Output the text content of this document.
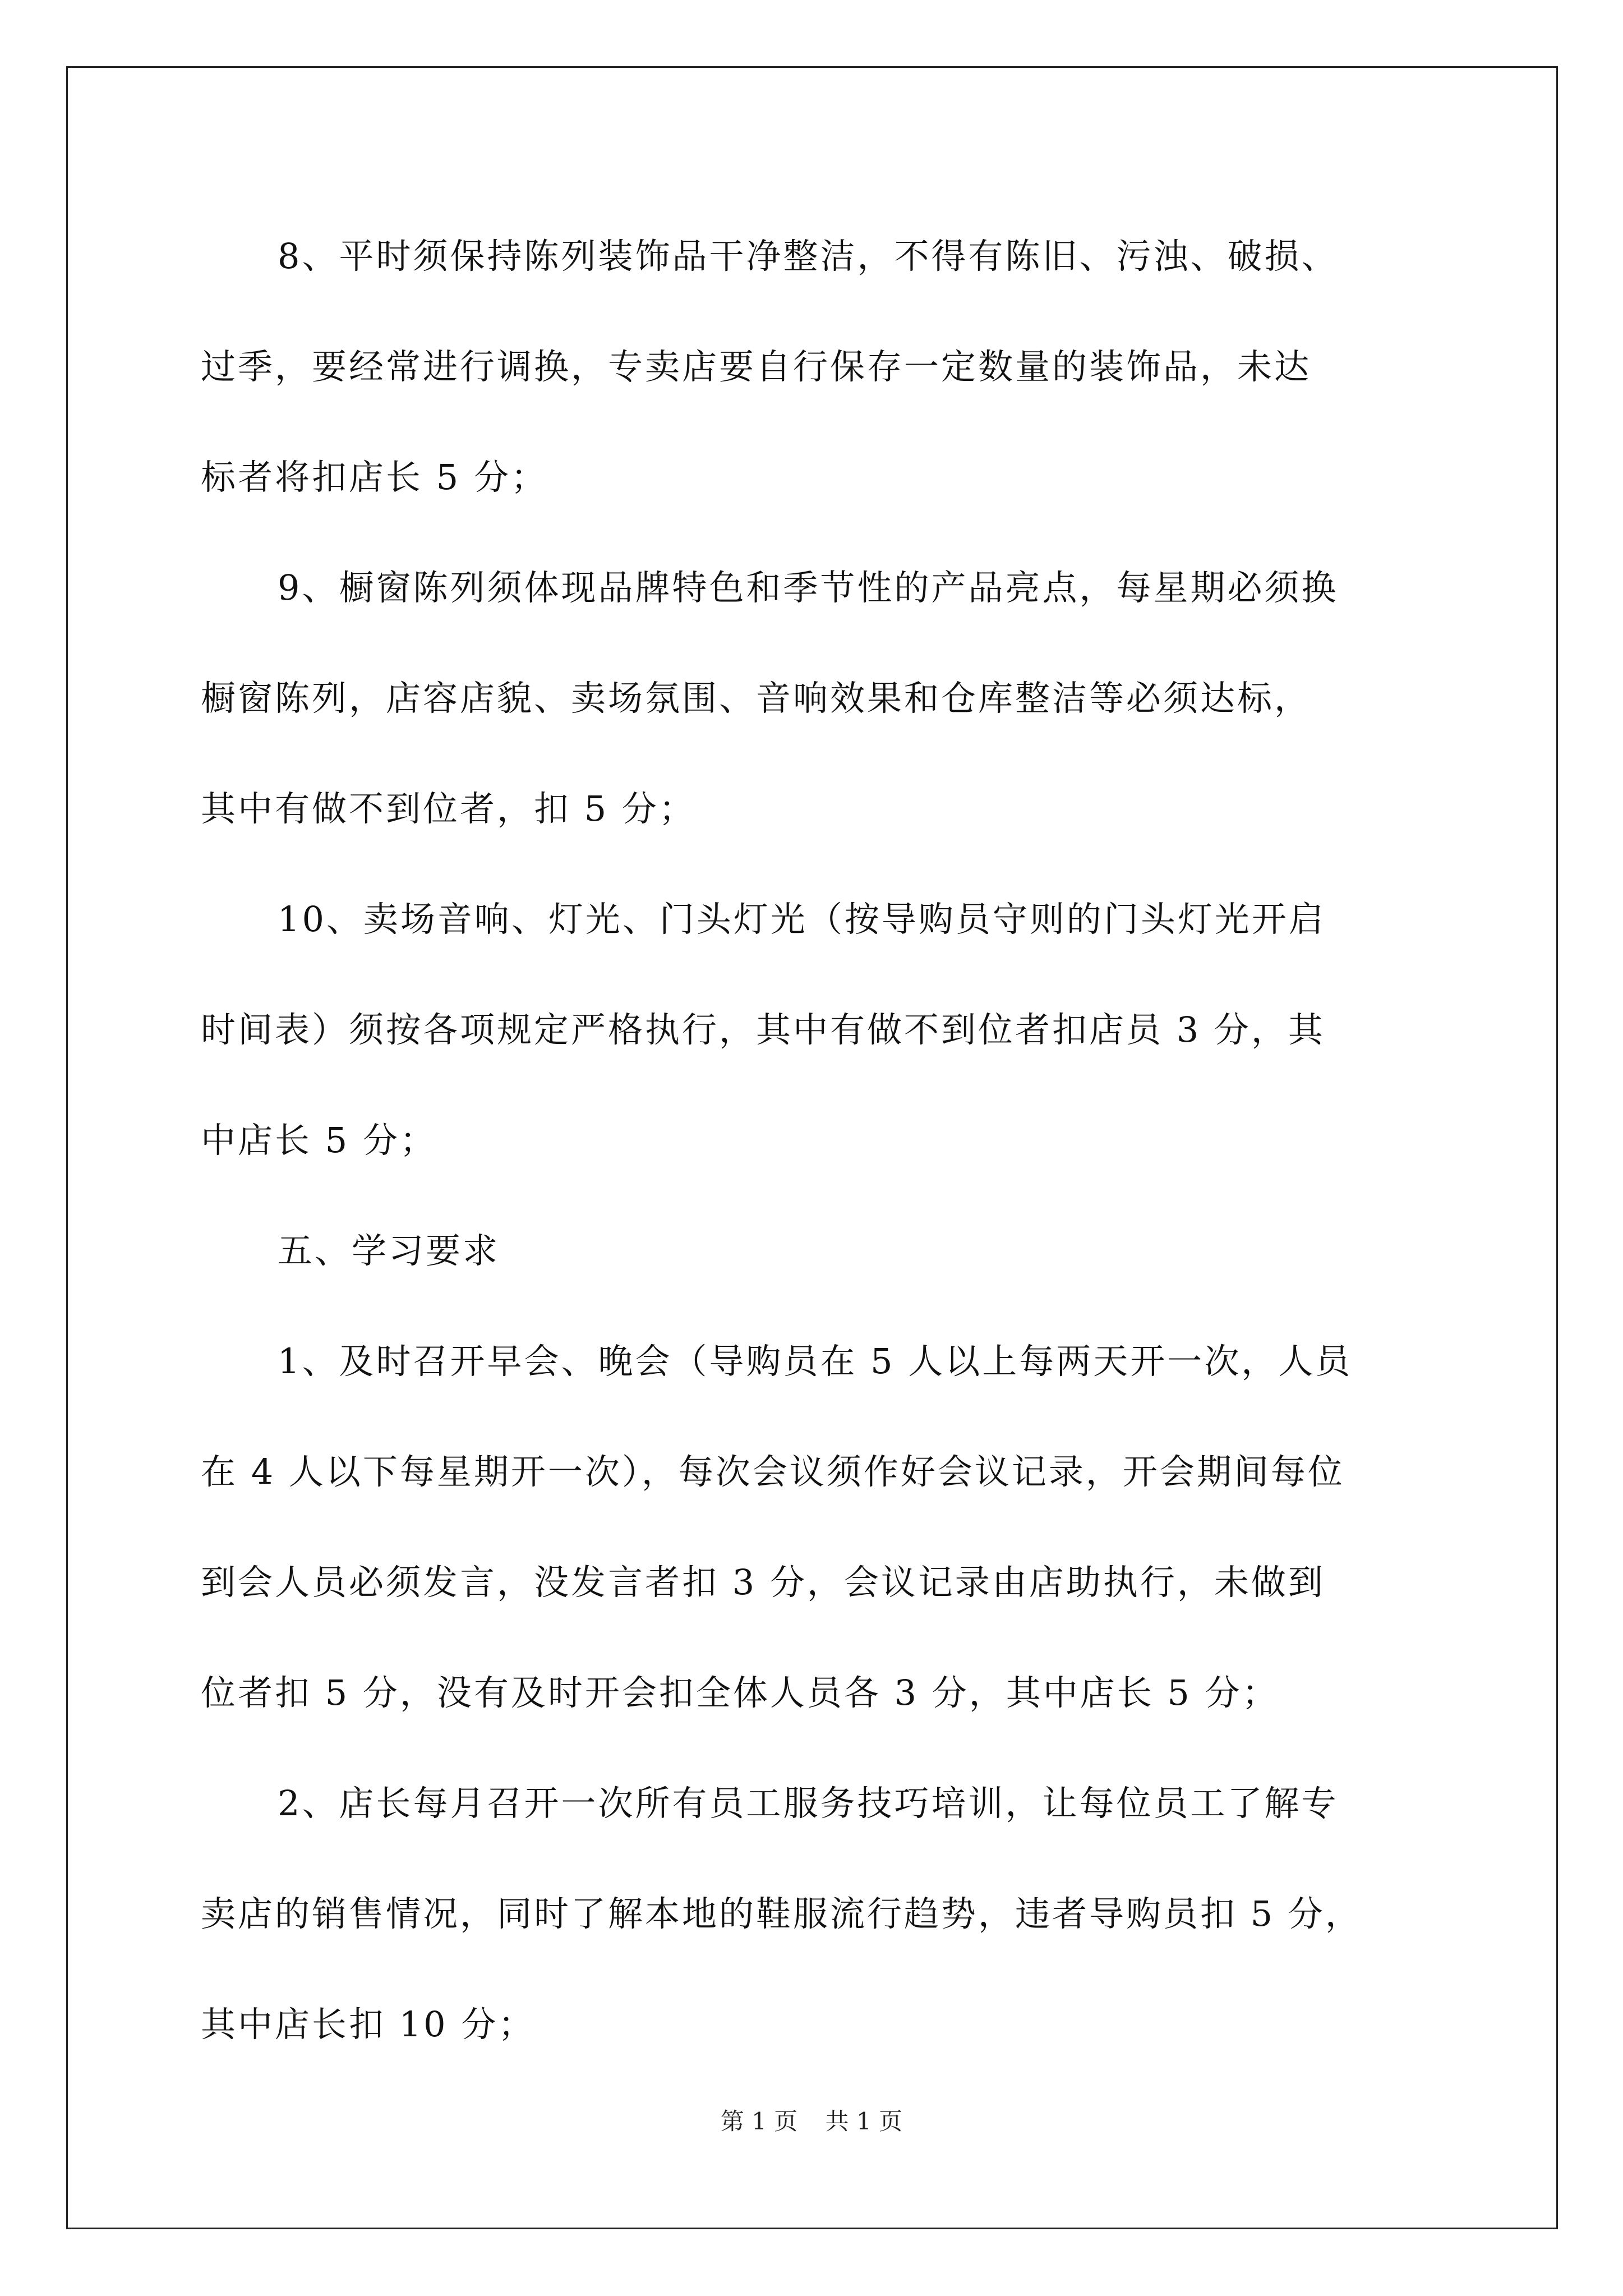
8、平时须保持陈列装饰品干净整洁，不得有陈旧、污浊、破损、
过季，要经常进行调换，专卖店要自行保存一定数量的装饰品，未达
标者将扣店长 5 分；
9、橱窗陈列须体现品牌特色和季节性的产品亮点，每星期必须换
橱窗陈列，店容店貌、卖场氛围、音响效果和仓库整洁等必须达标，
其中有做不到位者，扣 5 分；
10、卖场音响、灯光、门头灯光（按导购员守则的门头灯光开启
时间表）须按各项规定严格执行，其中有做不到位者扣店员 3 分，其
中店长 5 分；
五、学习要求
1、及时召开早会、晚会（导购员在 5 人以上每两天开一次，人员
在 4 人以下每星期开一次），每次会议须作好会议记录，开会期间每位
到会人员必须发言，没发言者扣 3 分，会议记录由店助执行，未做到
位者扣 5 分，没有及时开会扣全体人员各 3 分，其中店长 5 分；
2、店长每月召开一次所有员工服务技巧培训，让每位员工了解专
卖店的销售情况，同时了解本地的鞋服流行趋势，违者导购员扣 5 分，
其中店长扣 10 分；
第 1 页 共 1 页
